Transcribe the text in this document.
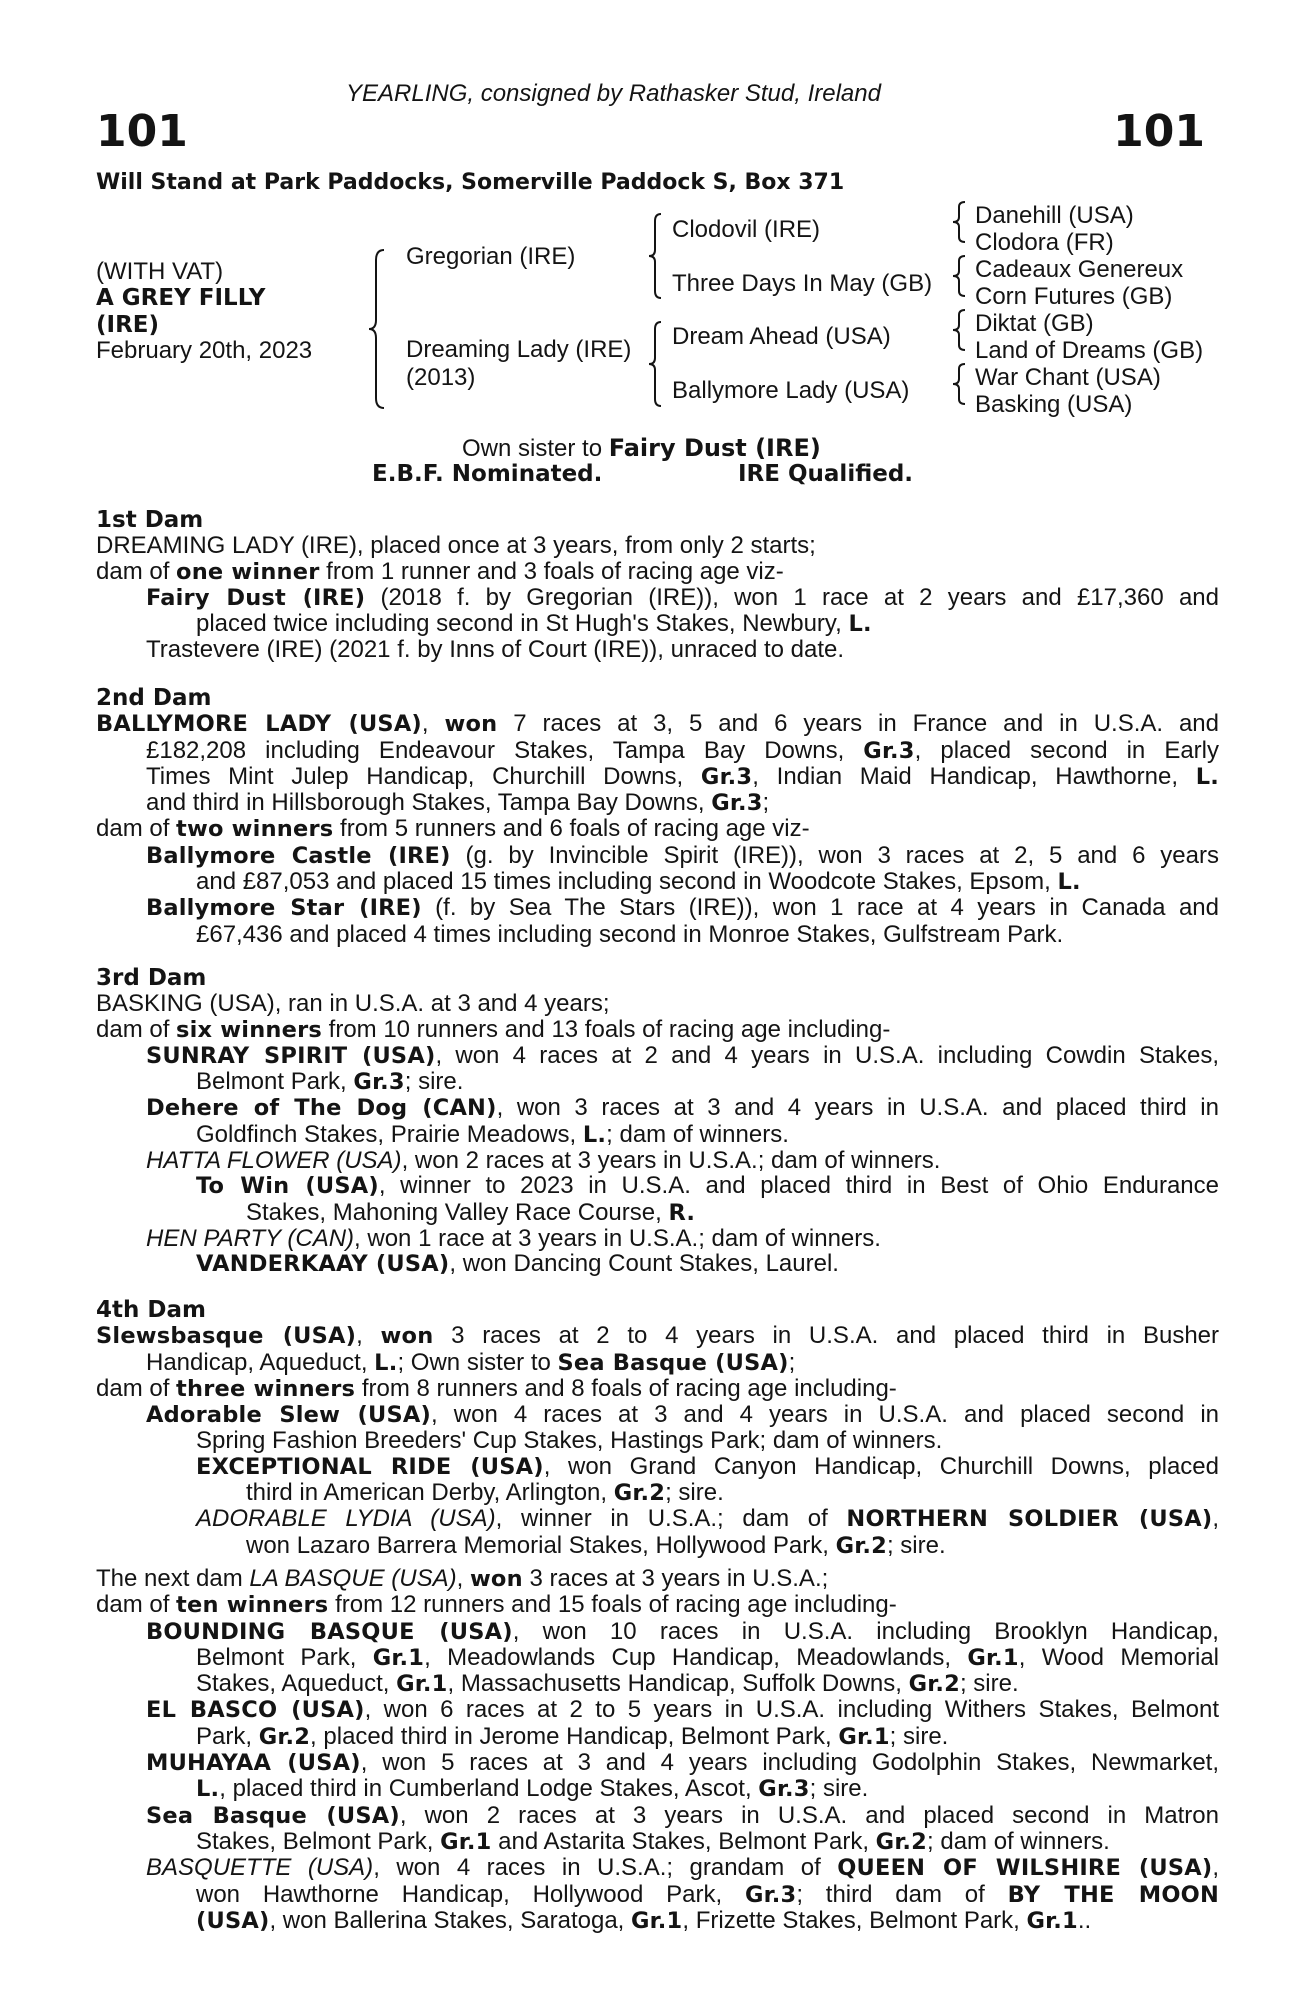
YEARLING, consigned by Rathasker Stud, Ireland
101	101
Will Stand at Park Paddocks, Somerville Paddock S, Box 371
(WITH VAT)
A GREY FILLY
(IRE)
February 20th, 2023
Gregorian (IRE)
Dreaming Lady (IRE)
(2013)
Clodovil (IRE)
Three Days In May (GB)
Dream Ahead (USA)
Ballymore Lady (USA)
Danehill (USA)
Clodora (FR)
Cadeaux Genereux
Corn Futures (GB)
Diktat (GB)
Land of Dreams (GB)
War Chant (USA)
Basking (USA)
Own sister to Fairy Dust (IRE)
E.B.F. Nominated.	IRE Qualified.
1st Dam
DREAMING LADY (IRE), placed once at 3 years, from only 2 starts;
dam of one winner from 1 runner and 3 foals of racing age viz-
Fairy Dust (IRE) (2018 f. by Gregorian (IRE)), won 1 race at 2 years and £17,360 and
placed twice including second in St Hugh's Stakes, Newbury, L.
Trastevere (IRE) (2021 f. by Inns of Court (IRE)), unraced to date.
2nd Dam
BALLYMORE LADY (USA), won 7 races at 3, 5 and 6 years in France and in U.S.A. and
£182,208 including Endeavour Stakes, Tampa Bay Downs, Gr.3, placed second in Early
Times Mint Julep Handicap, Churchill Downs, Gr.3, Indian Maid Handicap, Hawthorne, L.
and third in Hillsborough Stakes, Tampa Bay Downs, Gr.3;
dam of two winners from 5 runners and 6 foals of racing age viz-
Ballymore Castle (IRE) (g. by Invincible Spirit (IRE)), won 3 races at 2, 5 and 6 years
and £87,053 and placed 15 times including second in Woodcote Stakes, Epsom, L.
Ballymore Star (IRE) (f. by Sea The Stars (IRE)), won 1 race at 4 years in Canada and
£67,436 and placed 4 times including second in Monroe Stakes, Gulfstream Park.
3rd Dam
BASKING (USA), ran in U.S.A. at 3 and 4 years;
dam of six winners from 10 runners and 13 foals of racing age including-
SUNRAY SPIRIT (USA), won 4 races at 2 and 4 years in U.S.A. including Cowdin Stakes,
Belmont Park, Gr.3; sire.
Dehere of The Dog (CAN), won 3 races at 3 and 4 years in U.S.A. and placed third in
Goldfinch Stakes, Prairie Meadows, L.; dam of winners.
HATTA FLOWER (USA), won 2 races at 3 years in U.S.A.; dam of winners.
To Win (USA), winner to 2023 in U.S.A. and placed third in Best of Ohio Endurance
Stakes, Mahoning Valley Race Course, R.
HEN PARTY (CAN), won 1 race at 3 years in U.S.A.; dam of winners.
VANDERKAAY (USA), won Dancing Count Stakes, Laurel.
4th Dam
Slewsbasque (USA), won 3 races at 2 to 4 years in U.S.A. and placed third in Busher
Handicap, Aqueduct, L.; Own sister to Sea Basque (USA);
dam of three winners from 8 runners and 8 foals of racing age including-
Adorable Slew (USA), won 4 races at 3 and 4 years in U.S.A. and placed second in
Spring Fashion Breeders' Cup Stakes, Hastings Park; dam of winners.
EXCEPTIONAL RIDE (USA), won Grand Canyon Handicap, Churchill Downs, placed
third in American Derby, Arlington, Gr.2; sire.
ADORABLE LYDIA (USA), winner in U.S.A.; dam of NORTHERN SOLDIER (USA),
won Lazaro Barrera Memorial Stakes, Hollywood Park, Gr.2; sire.
The next dam LA BASQUE (USA), won 3 races at 3 years in U.S.A.;
dam of ten winners from 12 runners and 15 foals of racing age including-
BOUNDING BASQUE (USA), won 10 races in U.S.A. including Brooklyn Handicap,
Belmont Park, Gr.1, Meadowlands Cup Handicap, Meadowlands, Gr.1, Wood Memorial
Stakes, Aqueduct, Gr.1, Massachusetts Handicap, Suffolk Downs, Gr.2; sire.
EL BASCO (USA), won 6 races at 2 to 5 years in U.S.A. including Withers Stakes, Belmont
Park, Gr.2, placed third in Jerome Handicap, Belmont Park, Gr.1; sire.
MUHAYAA (USA), won 5 races at 3 and 4 years including Godolphin Stakes, Newmarket,
L., placed third in Cumberland Lodge Stakes, Ascot, Gr.3; sire.
Sea Basque (USA), won 2 races at 3 years in U.S.A. and placed second in Matron
Stakes, Belmont Park, Gr.1 and Astarita Stakes, Belmont Park, Gr.2; dam of winners.
BASQUETTE (USA), won 4 races in U.S.A.; grandam of QUEEN OF WILSHIRE (USA),
won Hawthorne Handicap, Hollywood Park, Gr.3; third dam of BY THE MOON
(USA), won Ballerina Stakes, Saratoga, Gr.1, Frizette Stakes, Belmont Park, Gr.1..
